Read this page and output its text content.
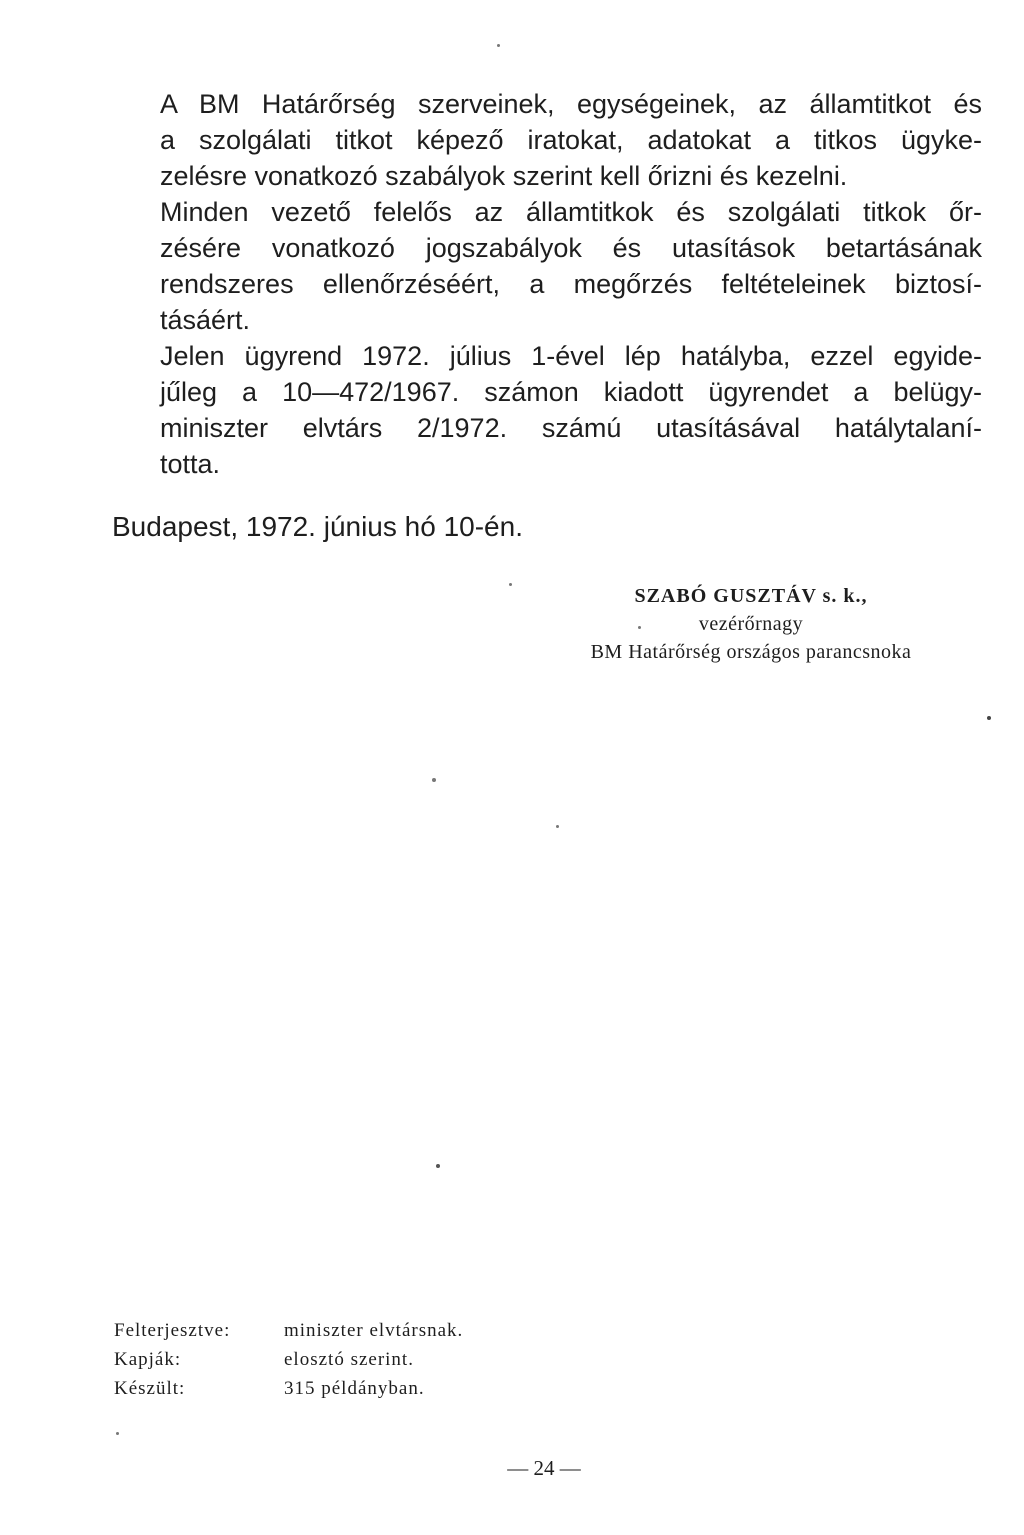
A BM Határőrség szerveinek, egységeinek, az államtitkot és
a szolgálati titkot képező iratokat, adatokat a titkos ügyke-
zelésre vonatkozó szabályok szerint kell őrizni és kezelni.

Minden vezető felelős az államtitkok és szolgálati titkok őr-
zésére vonatkozó jogszabályok és utasítások betartásának
rendszeres ellenőrzéséért, a megőrzés feltételeinek biztosí-
tásáért.

Jelen ügyrend 1972. július 1-ével lép hatályba, ezzel egyide-
jűleg a 10—472/1967. számon kiadott ügyrendet a belügy-
miniszter elvtárs 2/1972. számú utasításával hatálytalaní-
totta.

Budapest, 1972. június hó 10-én.
SZABÓ GUSZTÁV s. k.,
vezérőrnagy
BM Határőrség országos parancsnoka
Felterjesztve:	miniszter elvtársnak.
Kapják:	elosztó szerint.
Készült:	315 példányban.
— 24 —
